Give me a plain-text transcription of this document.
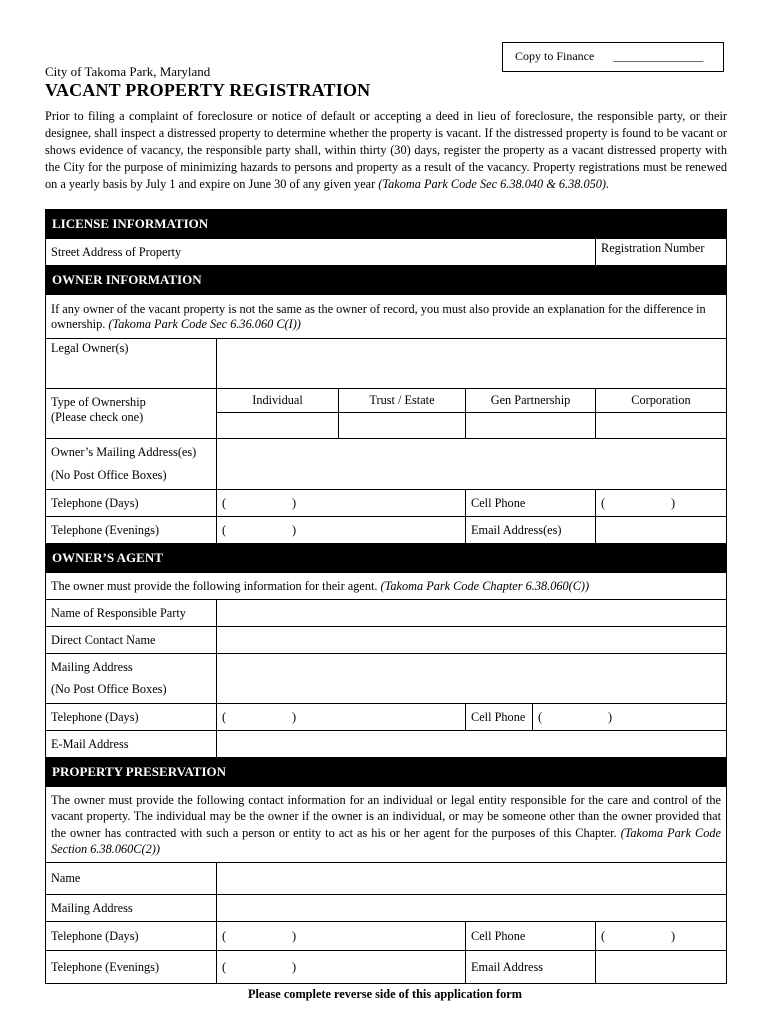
Copy to Finance _______________
City of Takoma Park, Maryland
VACANT PROPERTY REGISTRATION
Prior to filing a complaint of foreclosure or notice of default or accepting a deed in lieu of foreclosure, the responsible party, or their designee, shall inspect a distressed property to determine whether the property is vacant. If the distressed property is found to be vacant or shows evidence of vacancy, the responsible party shall, within thirty (30) days, register the property as a vacant distressed property with the City for the purpose of minimizing hazards to persons and property as a result of the vacancy. Property registrations must be renewed on a yearly basis by July 1 and expire on June 30 of any given year (Takoma Park Code Sec 6.38.040 & 6.38.050).
LICENSE INFORMATION					
Street Address of Property					Registration Number
OWNER INFORMATION					
If any owner of the vacant property is not the same as the owner of record, you must also provide an explanation for the difference in ownership. (Takoma Park Code Sec 6.36.060 C(I))					
Legal Owner(s)					

Type of Ownership
(Please check one)	Individual	Trust / Estate	Gen Partnership		Corporation

Owner’s Mailing Address(es)
(No Post Office Boxes)					

Telephone (Days)	( )		Cell Phone		( )
Telephone (Evenings)	( )		Email Address(es)		
OWNER’S AGENT					
The owner must provide the following information for their agent. (Takoma Park Code Chapter 6.38.060(C))					
Name of Responsible Party					
Direct Contact Name					

Mailing Address
(No Post Office Boxes)					

Telephone (Days)	( )		Cell Phone	( )	
E-Mail Address					
PROPERTY PRESERVATION					
The owner must provide the following contact information for an individual or legal entity responsible for the care and control of the vacant property. The individual may be the owner if the owner is an individual, or may be someone other than the owner provided that the owner has contracted with such a person or entity to act as his or her agent for the purposes of this Chapter. (Takoma Park Code Section 6.38.060C(2))					
Name					
Mailing Address					
Telephone (Days)	( )		Cell Phone		( )
Telephone (Evenings)	( )		Email Address		
Please complete reverse side of this application form
